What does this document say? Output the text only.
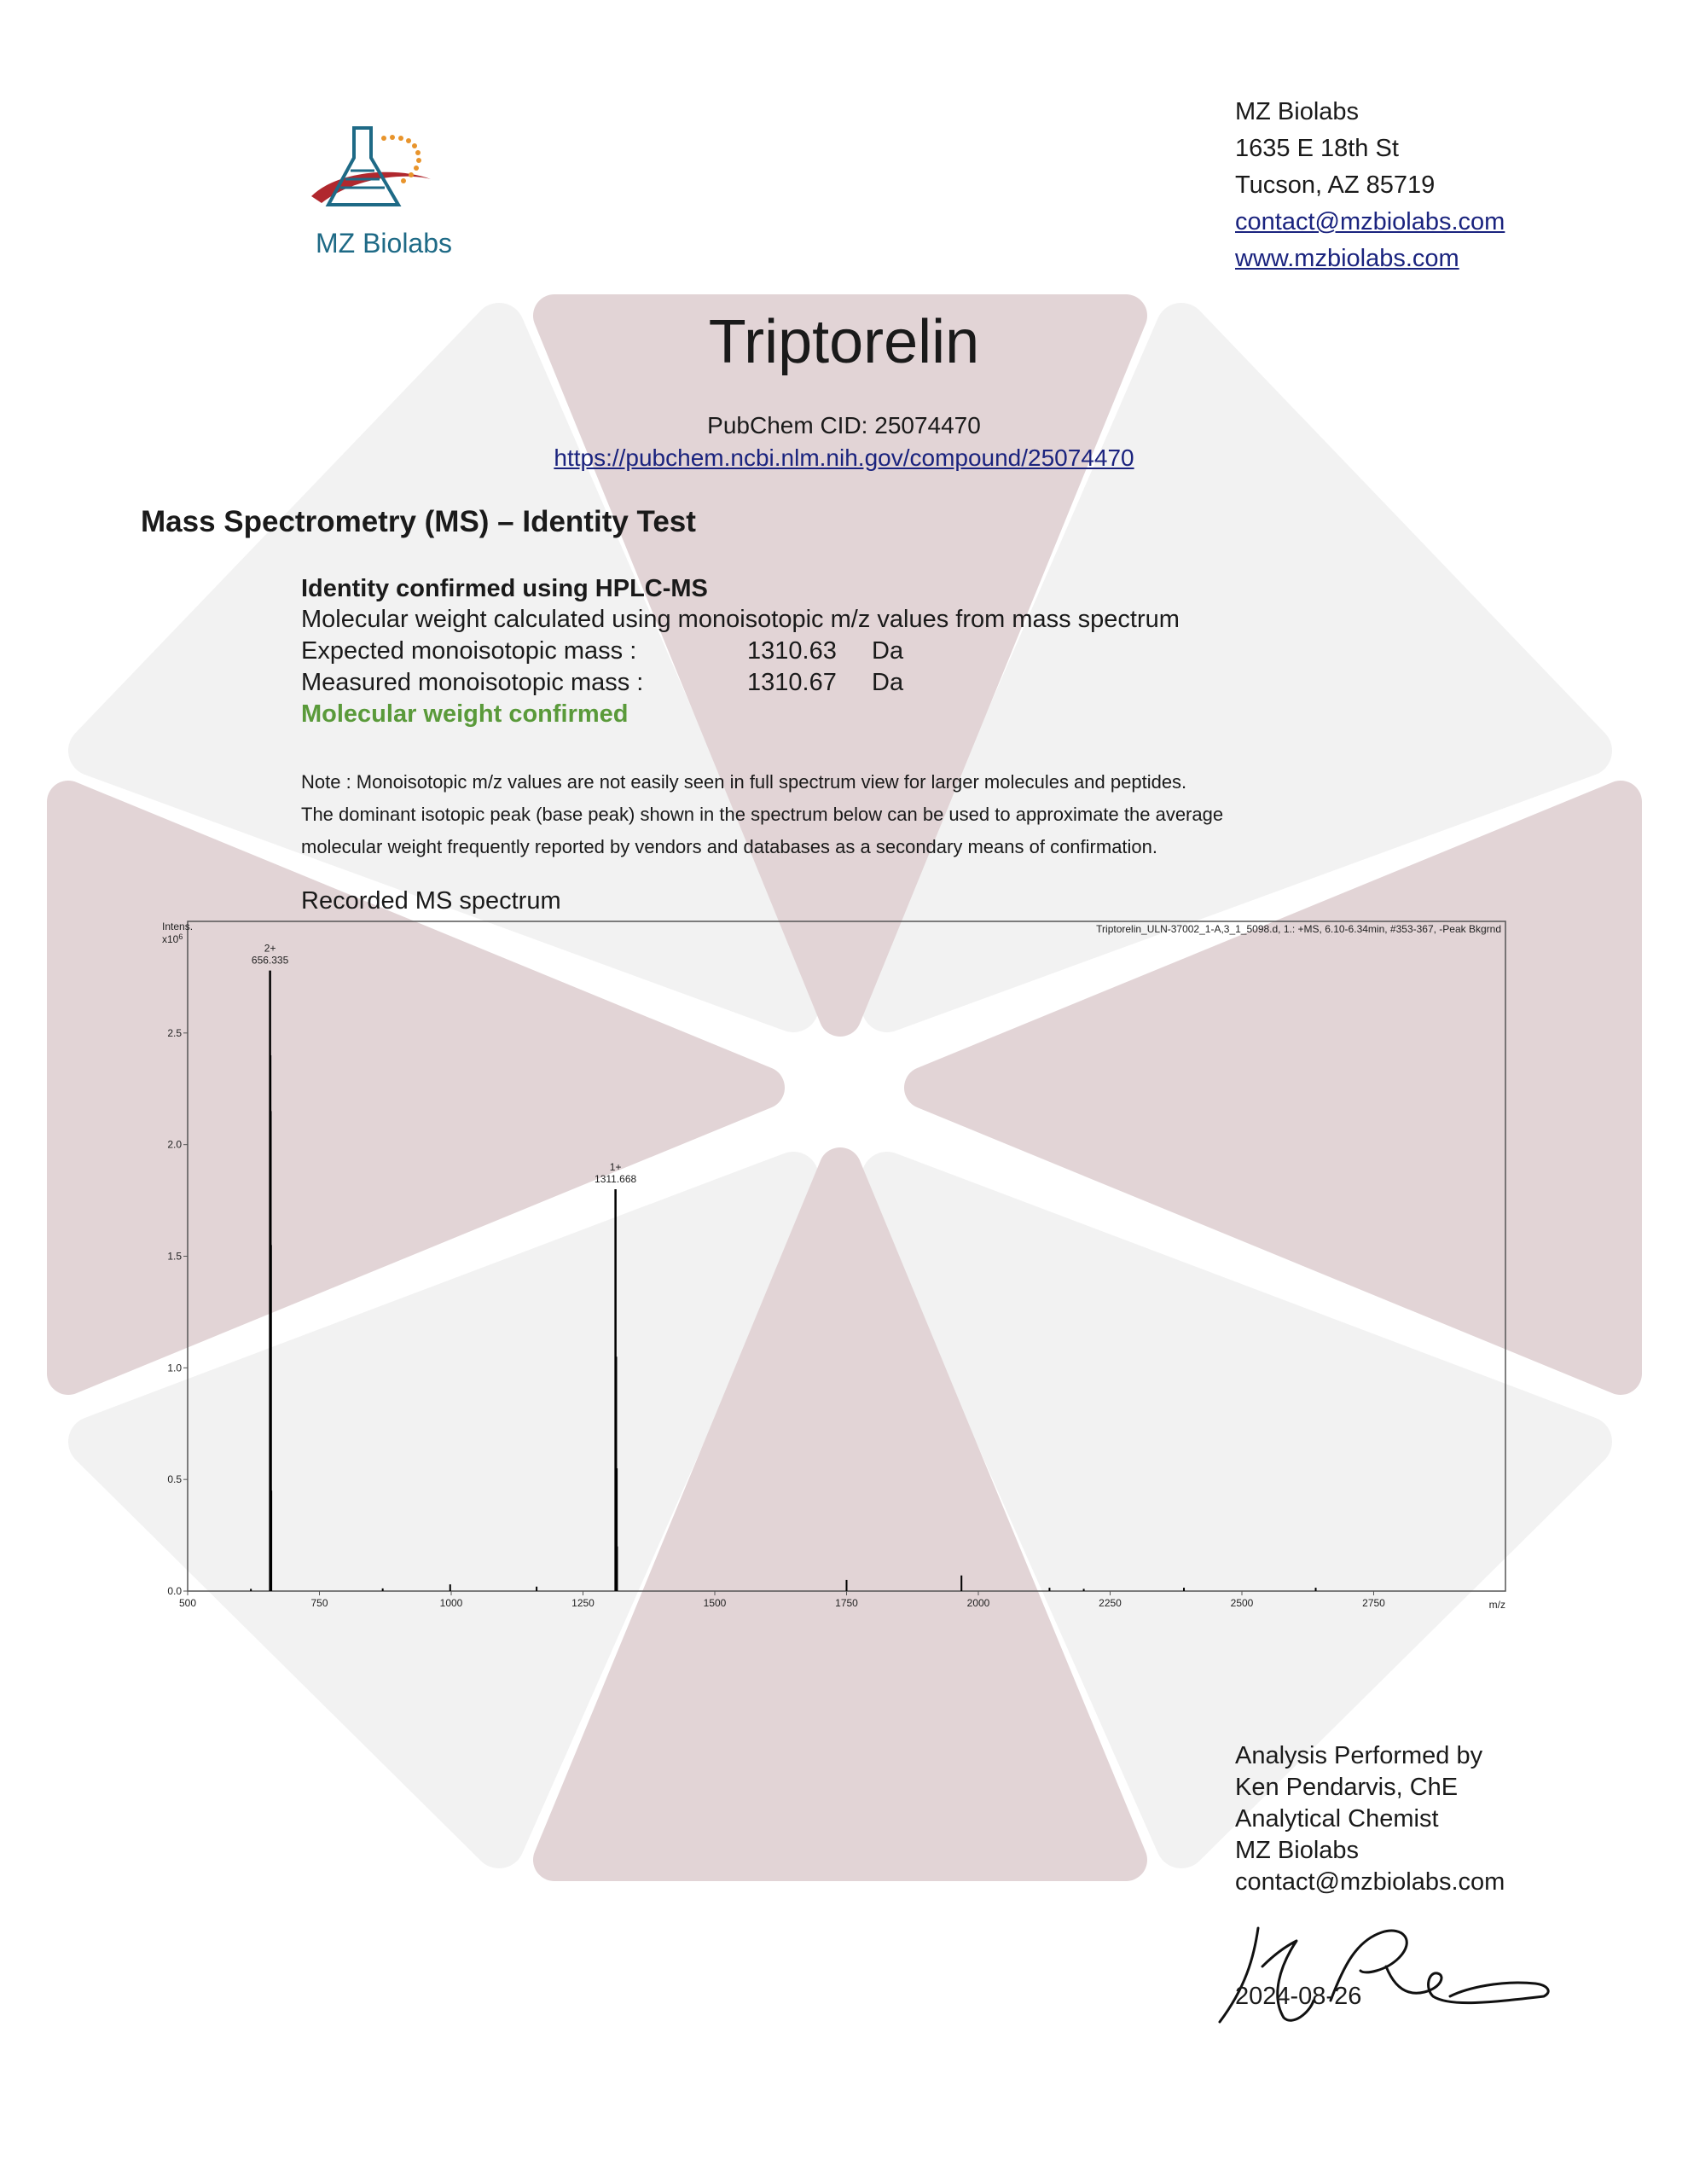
MZ Biolabs
MZ Biolabs
1635 E 18th St
Tucson, AZ 85719
contact@mzbiolabs.com
www.mzbiolabs.com
Triptorelin
PubChem CID: 25074470
https://pubchem.ncbi.nlm.nih.gov/compound/25074470
Mass Spectrometry (MS) – Identity Test
Identity confirmed using HPLC-MS
Molecular weight calculated using monoisotopic m/z values from mass spectrum
Expected monoisotopic mass :	1310.63 Da
Measured monoisotopic mass :	1310.67 Da
Molecular weight confirmed
Note : Monoisotopic m/z values are not easily seen in full spectrum view for larger molecules and peptides.
The dominant isotopic peak (base peak) shown in the spectrum below can be used to approximate the average
molecular weight frequently reported by vendors and databases as a secondary means of confirmation.
Recorded MS spectrum
Triptorelin_ULN-37002_1-A,3_1_5098.d, 1.: +MS, 6.10-6.34min, #353-367, -Peak Bkgrnd
Intens.
$x10^6$
m/z
500	750	1000	1250	1500	1750	2000	2250	2500	2750
0.0
0.5
1.0
1.5
2.0
2.5
2+
656.335
1+
1311.668
Analysis Performed by
Ken Pendarvis, ChE
Analytical Chemist
MZ Biolabs
contact@mzbiolabs.com
2024-08-26
